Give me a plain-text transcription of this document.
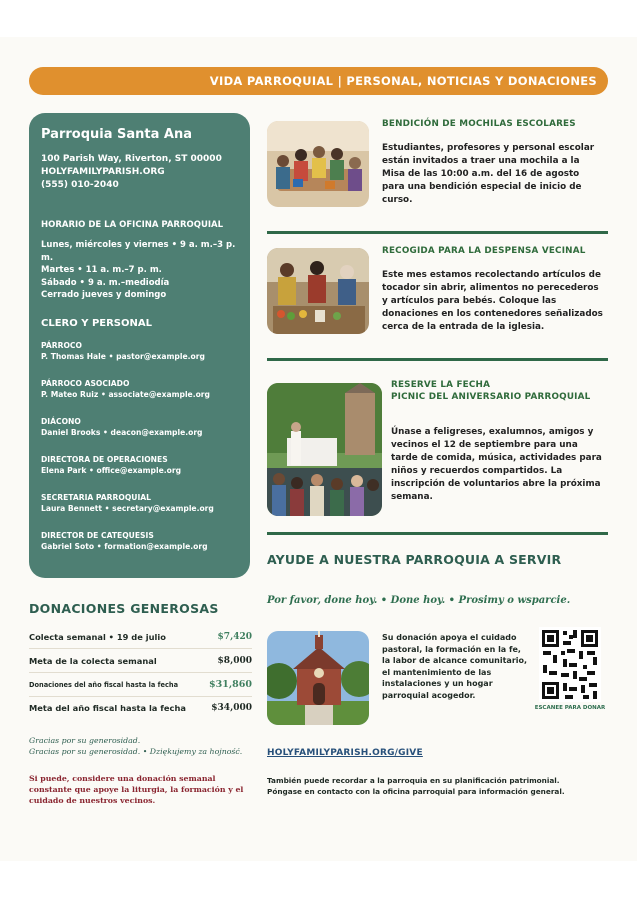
VIDA PARROQUIAL | PERSONAL, NOTICIAS Y DONACIONES
Parroquia Santa Ana
100 Parish Way, Riverton, ST 00000
HOLYFAMILYPARISH.ORG
(555) 010-2040
HORARIO DE LA OFICINA PARROQUIAL
Lunes, miércoles y viernes • 9 a. m.–3 p. m.
Martes • 11 a. m.–7 p. m.
Sábado • 9 a. m.–mediodía
Cerrado jueves y domingo
CLERO Y PERSONAL
PÁRROCO
P. Thomas Hale • pastor@example.org
PÁRROCO ASOCIADO
P. Mateo Ruiz • associate@example.org
DIÁCONO
Daniel Brooks • deacon@example.org
DIRECTORA DE OPERACIONES
Elena Park • office@example.org
SECRETARIA PARROQUIAL
Laura Bennett • secretary@example.org
DIRECTOR DE CATEQUESIS
Gabriel Soto • formation@example.org
BENDICIÓN DE MOCHILAS ESCOLARES
Estudiantes, profesores y personal escolar están invitados a traer una mochila a la Misa de las 10:00 a.m. del 16 de agosto para una bendición especial de inicio de curso.
RECOGIDA PARA LA DESPENSA VECINAL
Este mes estamos recolectando artículos de tocador sin abrir, alimentos no perecederos y artículos para bebés. Coloque las donaciones en los contenedores señalizados cerca de la entrada de la iglesia.
RESERVE LA FECHA
PICNIC DEL ANIVERSARIO PARROQUIAL
Únase a feligreses, exalumnos, amigos y vecinos el 12 de septiembre para una tarde de comida, música, actividades para niños y recuerdos compartidos. La inscripción de voluntarios abre la próxima semana.
AYUDE A NUESTRA PARROQUIA A SERVIR
Por favor, done hoy. • Done hoy. • Prosimy o wsparcie.
Su donación apoya el cuidado pastoral, la formación en la fe, la labor de alcance comunitario, el mantenimiento de las instalaciones y un hogar parroquial acogedor.
ESCANEE PARA DONAR
HOLYFAMILYPARISH.ORG/GIVE
También puede recordar a la parroquia en su planificación patrimonial.
Póngase en contacto con la oficina parroquial para información general.
DONACIONES GENEROSAS
Colecta semanal • 19 de julio	$7,420
Meta de la colecta semanal	$8,000
Donaciones del año fiscal hasta la fecha	$31,860
Meta del año fiscal hasta la fecha	$34,000
Gracias por su generosidad.
Gracias por su generosidad. • Dziękujemy za hojność.
Si puede, considere una donación semanal constante que apoye la liturgia, la formación y el cuidado de nuestros vecinos.
